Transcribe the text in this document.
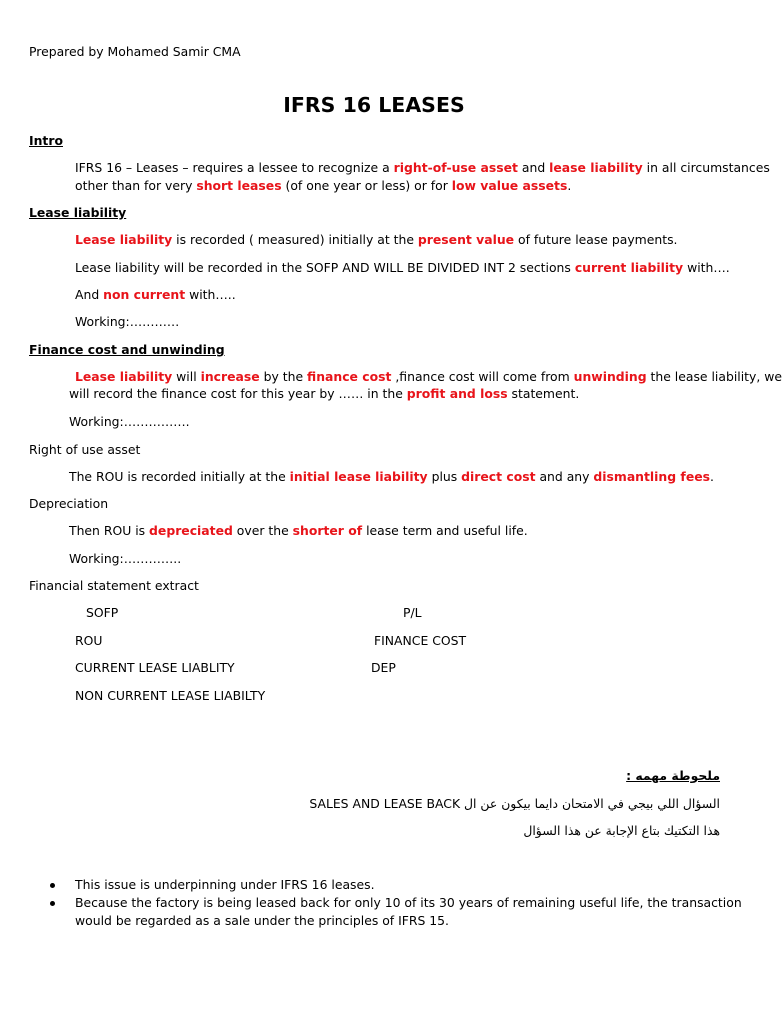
Prepared by Mohamed Samir CMA
IFRS 16 LEASES
Intro
IFRS 16 – Leases – requires a lessee to recognize a right-of-use asset and lease liability in all circumstances
other than for very short leases (of one year or less) or for low value assets.
Lease liability
Lease liability is recorded ( measured) initially at the present value of future lease payments.
Lease liability will be recorded in the SOFP AND WILL BE DIVIDED INT 2 sections current liability with….
And non current with…..
Working:…………
Finance cost and unwinding
Lease liability will increase by the finance cost ,finance cost will come from unwinding the lease liability, we
will record the finance cost for this year by …… in the profit and loss statement.
Working:…………….
Right of use asset
The ROU is recorded initially at the initial lease liability plus direct cost and any dismantling fees.
Depreciation
Then ROU is depreciated over the shorter of lease term and useful life.
Working:…………..
Financial statement extract
SOFP	P/L
ROU	FINANCE COST
CURRENT LEASE LIABLITY	DEP
NON CURRENT LEASE LIABILTY
ملحوطة مهمه :
SALES AND LEASE BACK السؤال اللي بيجي في الامتحان دايما بيكون عن ال
هذا التكتيك بتاع الإجابة عن هذا السؤال
This issue is underpinning under IFRS 16 leases.
Because the factory is being leased back for only 10 of its 30 years of remaining useful life, the transaction
would be regarded as a sale under the principles of IFRS 15.
